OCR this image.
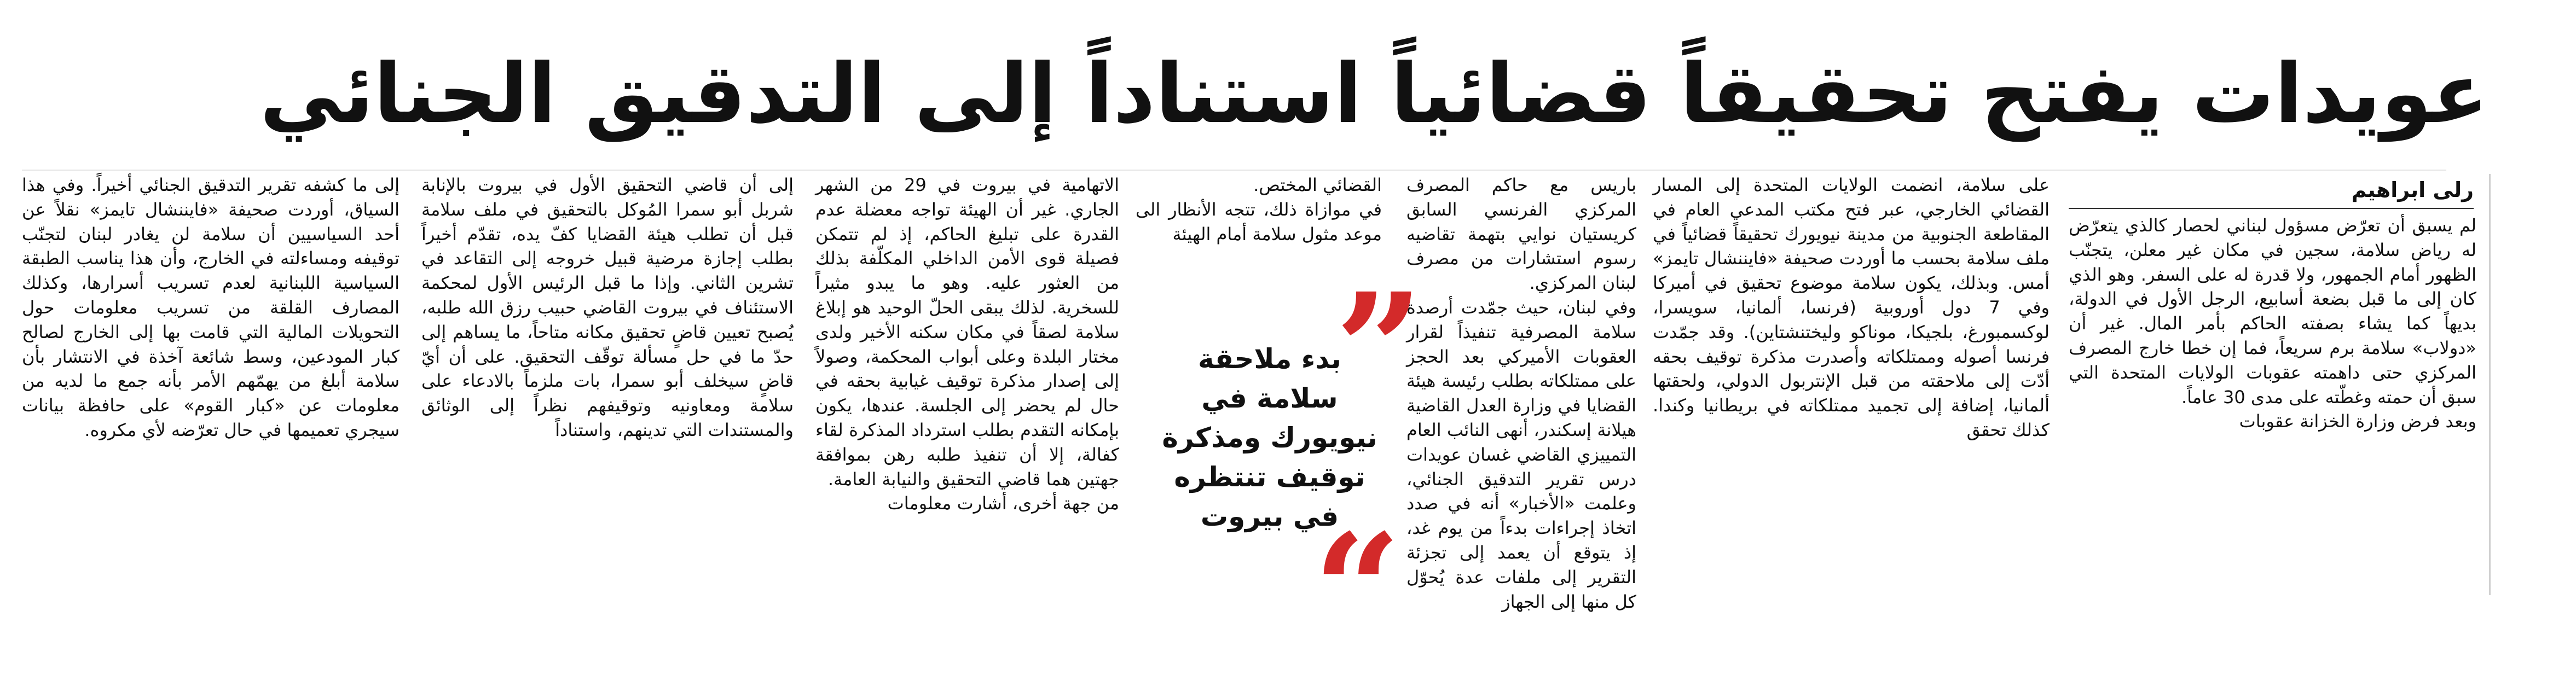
عويدات يفتح تحقيقاً قضائياً استناداً إلى التدقيق الجنائي
رلى ابراهيم
لم يسبق أن تعرّض مسؤول لبناني لحصار كالذي يتعرّض له رياض سلامة، سجين في مكان غير معلن، يتجنّب الظهور أمام الجمهور، ولا قدرة له على السفر. وهو الذي كان إلى ما قبل بضعة أسابيع، الرجل الأول في الدولة، بديهاً كما يشاء بصفته الحاكم بأمر المال. غير أن «دولاب» سلامة برم سريعاً، فما إن خطا خارج المصرف المركزي حتى داهمته عقوبات الولايات المتحدة التي سبق أن حمته وغطّته على مدى 30 عاماً.
وبعد فرض وزارة الخزانة عقوبات
على سلامة، انضمت الولايات المتحدة إلى المسار القضائي الخارجي، عبر فتح مكتب المدعي العام في المقاطعة الجنوبية من مدينة نيويورك تحقيقاً قضائياً في ملف سلامة بحسب ما أوردت صحيفة «فايننشال تايمز» أمس. وبذلك، يكون سلامة موضوع تحقيق في أميركا وفي 7 دول أوروبية (فرنسا، ألمانيا، سويسرا، لوكسمبورغ، بلجيكا، موناكو وليختنشتاين). وقد جمّدت فرنسا أصوله وممتلكاته وأصدرت مذكرة توقيف بحقه أدّت إلى ملاحقته من قبل الإنتربول الدولي، ولحقتها ألمانيا، إضافة إلى تجميد ممتلكاته في بريطانيا وكندا. كذلك تحقق
باريس مع حاكم المصرف المركزي الفرنسي السابق كريستيان نوايي بتهمة تقاضيه رسوم استشارات من مصرف لبنان المركزي.
وفي لبنان، حيث جمّدت أرصدة سلامة المصرفية تنفيذاً لقرار العقوبات الأميركي بعد الحجز على ممتلكاته بطلب رئيسة هيئة القضايا في وزارة العدل القاضية هيلانة إسكندر، أنهى النائب العام التمييزي القاضي غسان عويدات درس تقرير التدقيق الجنائي، وعلمت «الأخبار» أنه في صدد اتخاذ إجراءات بدءاً من يوم غد، إذ يتوقع أن يعمد إلى تجزئة التقرير إلى ملفات عدة يُحوّل كل منها إلى الجهاز
القضائي المختص.
في موازاة ذلك، تتجه الأنظار الى موعد مثول سلامة أمام الهيئة
”
بدء ملاحقة سلامة في نيويورك ومذكرة توقيف تنتظره في بيروت
“
الاتهامية في بيروت في 29 من الشهر الجاري. غير أن الهيئة تواجه معضلة عدم القدرة على تبليغ الحاكم، إذ لم تتمكن فصيلة قوى الأمن الداخلي المكلّفة بذلك من العثور عليه. وهو ما يبدو مثيراً للسخرية. لذلك يبقى الحلّ الوحيد هو إبلاغ سلامة لصقاً في مكان سكنه الأخير ولدى مختار البلدة وعلى أبواب المحكمة، وصولاً إلى إصدار مذكرة توقيف غيابية بحقه في حال لم يحضر إلى الجلسة. عندها، يكون بإمكانه التقدم بطلب استرداد المذكرة لقاء كفالة، إلا أن تنفيذ طلبه رهن بموافقة جهتين هما قاضي التحقيق والنيابة العامة.
من جهة أخرى، أشارت معلومات
إلى أن قاضي التحقيق الأول في بيروت بالإنابة شربل أبو سمرا المُوكل بالتحقيق في ملف سلامة قبل أن تطلب هيئة القضايا كفّ يده، تقدّم أخيراً بطلب إجازة مرضية قبيل خروجه إلى التقاعد في تشرين الثاني. وإذا ما قبل الرئيس الأول لمحكمة الاستئناف في بيروت القاضي حبيب رزق الله طلبه، يُصبح تعيين قاضٍ تحقيق مكانه متاحاً، ما يساهم إلى حدّ ما في حل مسألة توقّف التحقيق. على أن أيّ قاضٍ سيخلف أبو سمرا، بات ملزماً بالادعاء على سلامة ومعاونيه وتوقيفهم نظراً إلى الوثائق والمستندات التي تدينهم، واستناداً
إلى ما كشفه تقرير التدقيق الجنائي أخيراً. وفي هذا السياق، أوردت صحيفة «فايننشال تايمز» نقلاً عن أحد السياسيين أن سلامة لن يغادر لبنان لتجنّب توقيفه ومساءلته في الخارج، وأن هذا يناسب الطبقة السياسية اللبنانية لعدم تسريب أسرارها، وكذلك المصارف القلقة من تسريب معلومات حول التحويلات المالية التي قامت بها إلى الخارج لصالح كبار المودعين، وسط شائعة آخذة في الانتشار بأن سلامة أبلغ من يهمّهم الأمر بأنه جمع ما لديه من معلومات عن «كبار القوم» على حافظة بيانات سيجري تعميمها في حال تعرّضه لأي مكروه.
